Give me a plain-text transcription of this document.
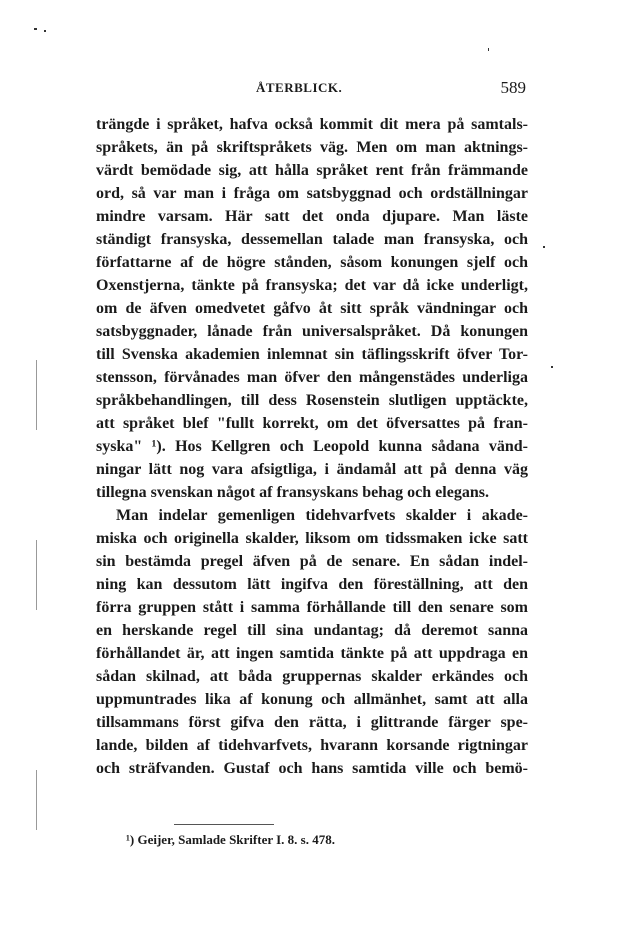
ÅTERBLICK.	589
trängde i språket, hafva också kommit dit mera på samtals-
språkets, än på skriftspråkets väg. Men om man aktnings-
värdt bemödade sig, att hålla språket rent från främmande
ord, så var man i fråga om satsbyggnad och ordställningar
mindre varsam. Här satt det onda djupare. Man läste
ständigt fransyska, dessemellan talade man fransyska, och
författarne af de högre stånden, såsom konungen sjelf och
Oxenstjerna, tänkte på fransyska; det var då icke underligt,
om de äfven omedvetet gåfvo åt sitt språk vändningar och
satsbyggnader, lånade från universalspråket. Då konungen
till Svenska akademien inlemnat sin täflingsskrift öfver Tor-
stensson, förvånades man öfver den mångenstädes underliga
språkbehandlingen, till dess Rosenstein slutligen upptäckte,
att språket blef "fullt korrekt, om det öfversattes på fran-
syska" ¹). Hos Kellgren och Leopold kunna sådana vänd-
ningar lätt nog vara afsigtliga, i ändamål att på denna väg
tillegna svenskan något af fransyskans behag och elegans.
Man indelar gemenligen tidehvarfvets skalder i akade-
miska och originella skalder, liksom om tidssmaken icke satt
sin bestämda pregel äfven på de senare. En sådan indel-
ning kan dessutom lätt ingifva den föreställning, att den
förra gruppen stått i samma förhållande till den senare som
en herskande regel till sina undantag; då deremot sanna
förhållandet är, att ingen samtida tänkte på att uppdraga en
sådan skilnad, att båda gruppernas skalder erkändes och
uppmuntrades lika af konung och allmänhet, samt att alla
tillsammans först gifva den rätta, i glittrande färger spe-
lande, bilden af tidehvarfvets, hvarann korsande rigtningar
och sträfvanden. Gustaf och hans samtida ville och bemö-
¹) Geijer, Samlade Skrifter I. 8. s. 478.
